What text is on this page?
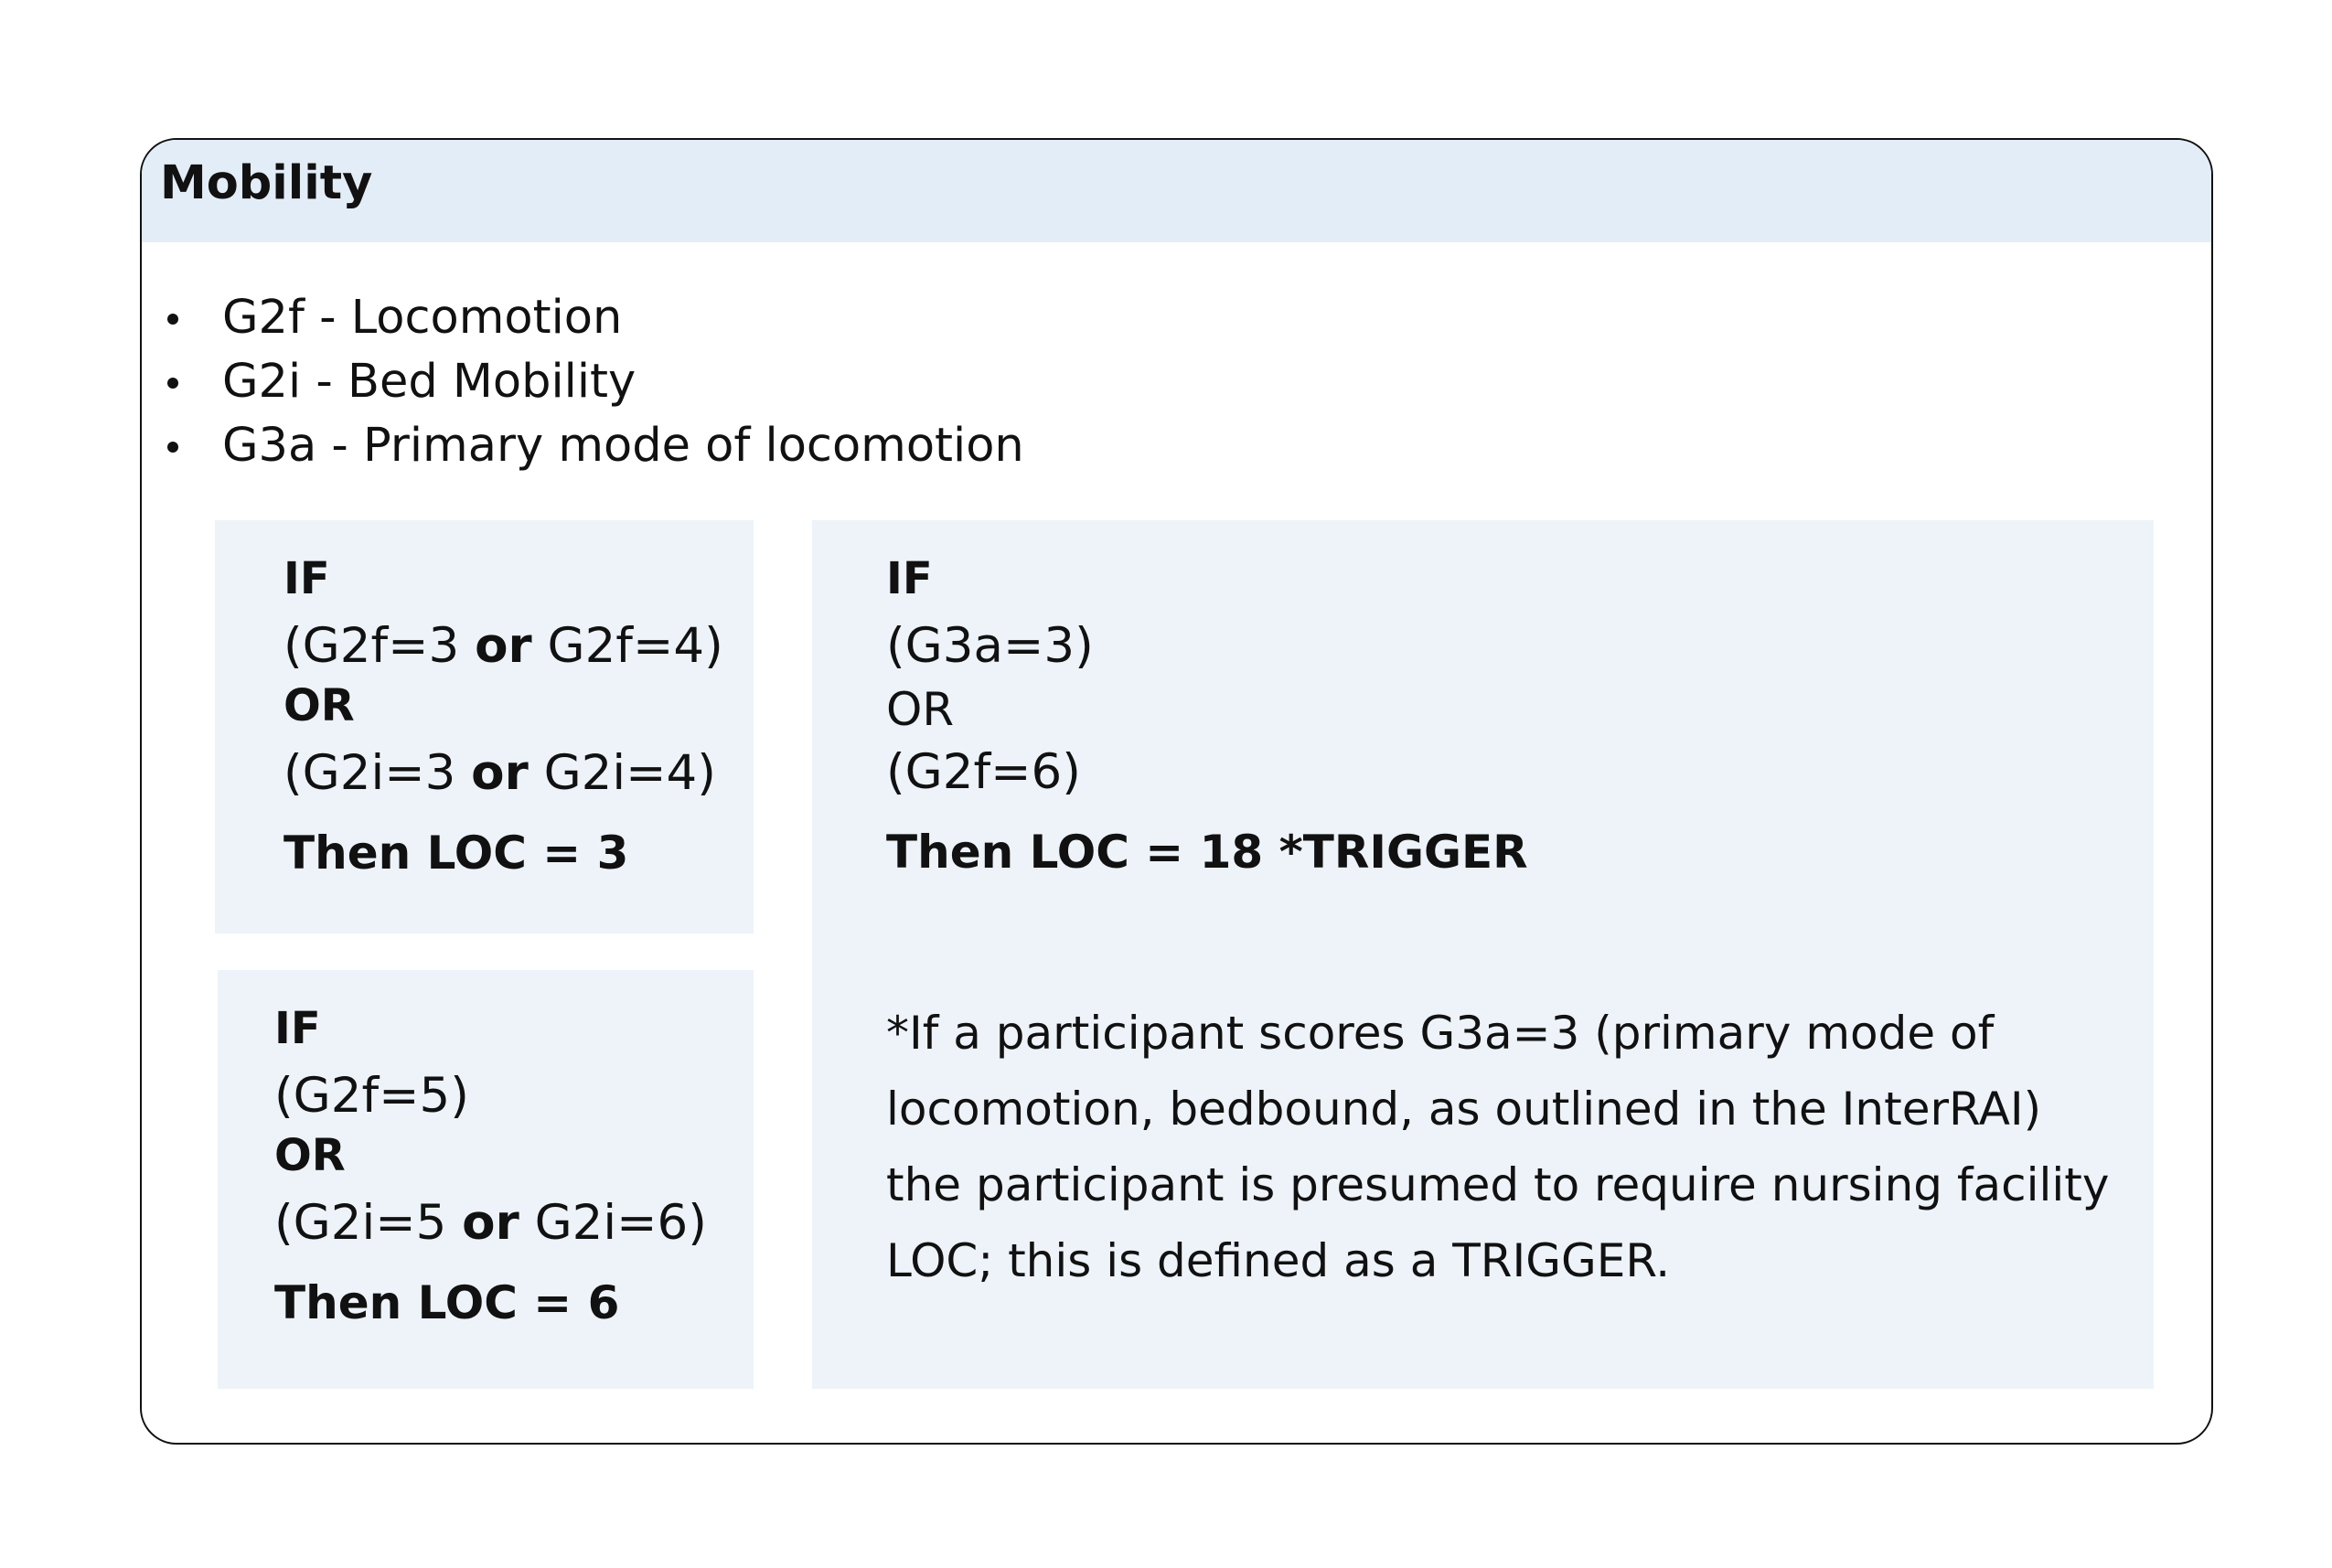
Mobility
G2f - Locomotion
G2i - Bed Mobility
G3a - Primary mode of locomotion
IF
(G2f=3 or G2f=4)
OR
(G2i=3 or G2i=4)
Then LOC = 3
IF
(G2f=5)
OR
(G2i=5 or G2i=6)
Then LOC = 6
IF
(G3a=3)
OR
(G2f=6)
Then LOC = 18 *TRIGGER
*If a participant scores G3a=3 (primary mode of locomotion, bedbound, as outlined in the InterRAI) the participant is presumed to require nursing facility LOC; this is defined as a TRIGGER.
